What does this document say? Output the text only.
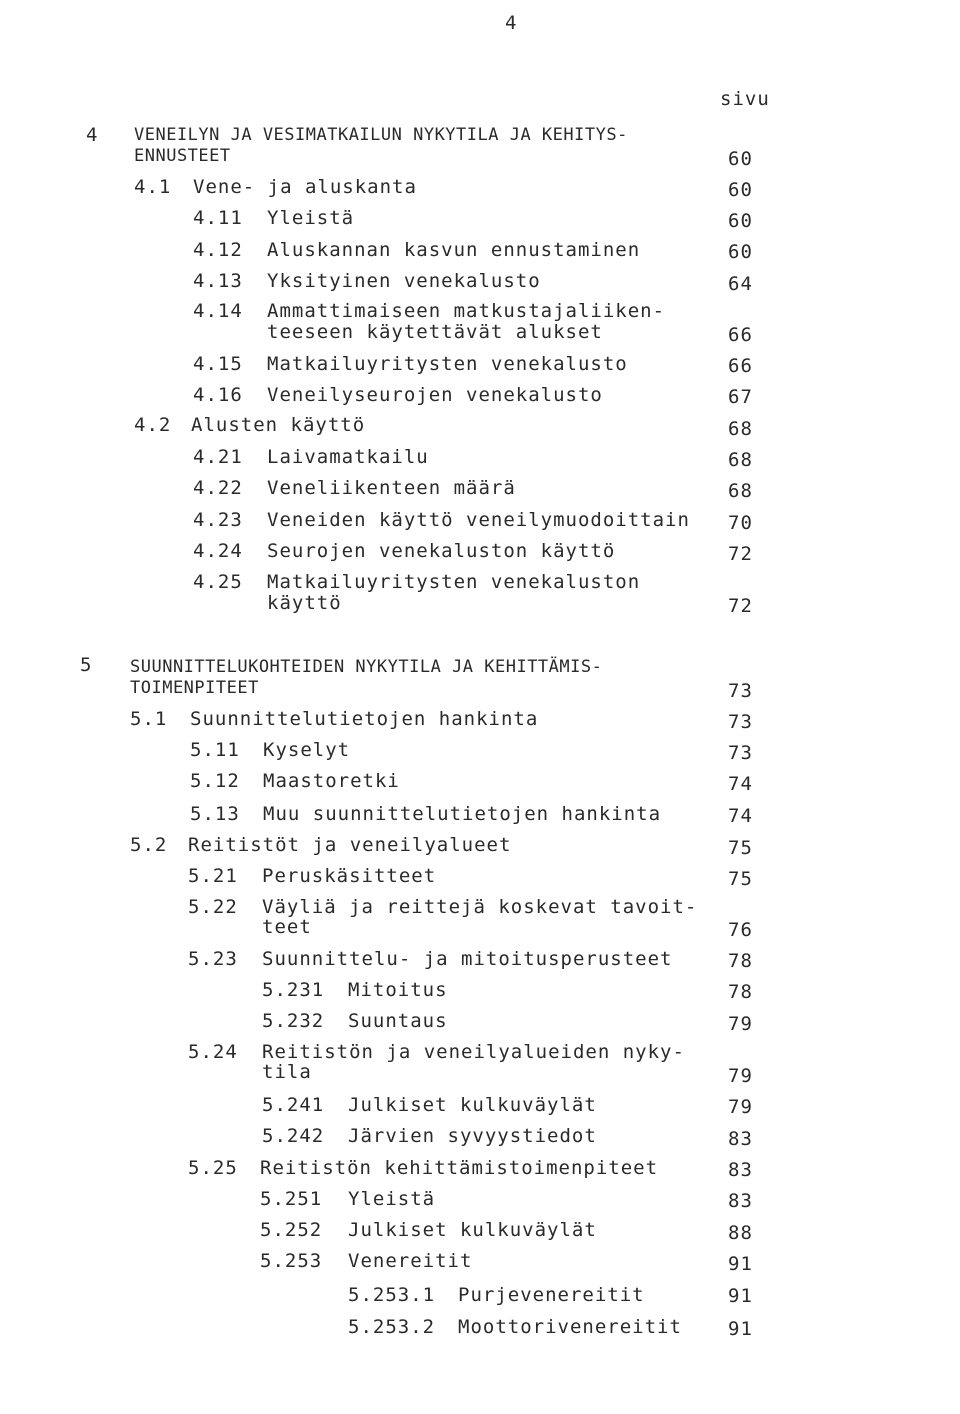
4
sivu
4 VENEILYN JA VESIMATKAILUN NYKYTILA JA KEHITYS-
ENNUSTEET	60
4.1 Vene- ja aluskanta	60
4.11 Yleistä	60
4.12 Aluskannan kasvun ennustaminen	60
4.13 Yksityinen venekalusto	64
4.14 Ammattimaiseen matkustajaliiken-
teeseen käytettävät alukset	66
4.15 Matkailuyritysten venekalusto	66
4.16 Veneilyseurojen venekalusto	67
4.2 Alusten käyttö	68
4.21 Laivamatkailu	68
4.22 Veneliikenteen määrä	68
4.23 Veneiden käyttö veneilymuodoittain 70
4.24 Seurojen venekaluston käyttö	72
4.25 Matkailuyritysten venekaluston
käyttö	72
5 SUUNNITTELUKOHTEIDEN NYKYTILA JA KEHITTÄMIS-
TOIMENPITEET	73
5.1 Suunnittelutietojen hankinta	73
5.11 Kyselyt	73
5.12 Maastoretki	74
5.13 Muu suunnittelutietojen hankinta	74
5.2 Reitistöt ja veneilyalueet	75
5.21 Peruskäsitteet	75
5.22 Väyliä ja reittejä koskevat tavoit-
teet	76
5.23 Suunnittelu- ja mitoitusperusteet	78
5.231 Mitoitus	78
5.232 Suuntaus	79
5.24 Reitistön ja veneilyalueiden nyky-
tila	79
5.241 Julkiset kulkuväylät	79
5.242 Järvien syvyystiedot	83
5.25 Reitistön kehittämistoimenpiteet	83
5.251 Yleistä	83
5.252 Julkiset kulkuväylät	88
5.253 Venereitit	91
5.253.1 Purjevenereitit	91
5.253.2 Moottorivenereitit 91
